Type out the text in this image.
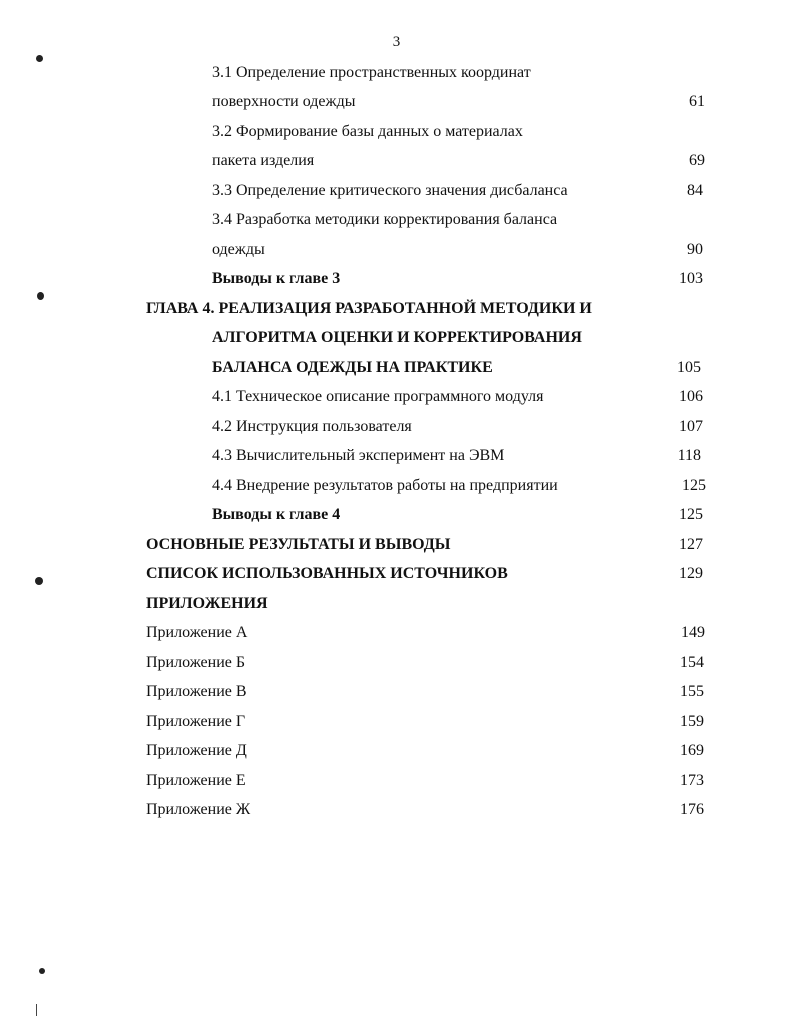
3
3.1 Определение пространственных координат
поверхности одежды	61
3.2 Формирование базы данных о материалах
пакета изделия	69
3.3 Определение критического значения дисбаланса	84
3.4 Разработка методики корректирования баланса
одежды	90
Выводы к главе 3	103
ГЛАВА 4. РЕАЛИЗАЦИЯ РАЗРАБОТАННОЙ МЕТОДИКИ И
АЛГОРИТМА ОЦЕНКИ И КОРРЕКТИРОВАНИЯ
БАЛАНСА ОДЕЖДЫ НА ПРАКТИКЕ	105
4.1 Техническое описание программного модуля	106
4.2 Инструкция пользователя	107
4.3 Вычислительный эксперимент на ЭВМ	118
4.4 Внедрение результатов работы на предприятии	125
Выводы к главе 4	125
ОСНОВНЫЕ РЕЗУЛЬТАТЫ И ВЫВОДЫ	127
СПИСОК ИСПОЛЬЗОВАННЫХ ИСТОЧНИКОВ	129
ПРИЛОЖЕНИЯ
Приложение А	149
Приложение Б	154
Приложение В	155
Приложение Г	159
Приложение Д	169
Приложение Е	173
Приложение Ж	176
